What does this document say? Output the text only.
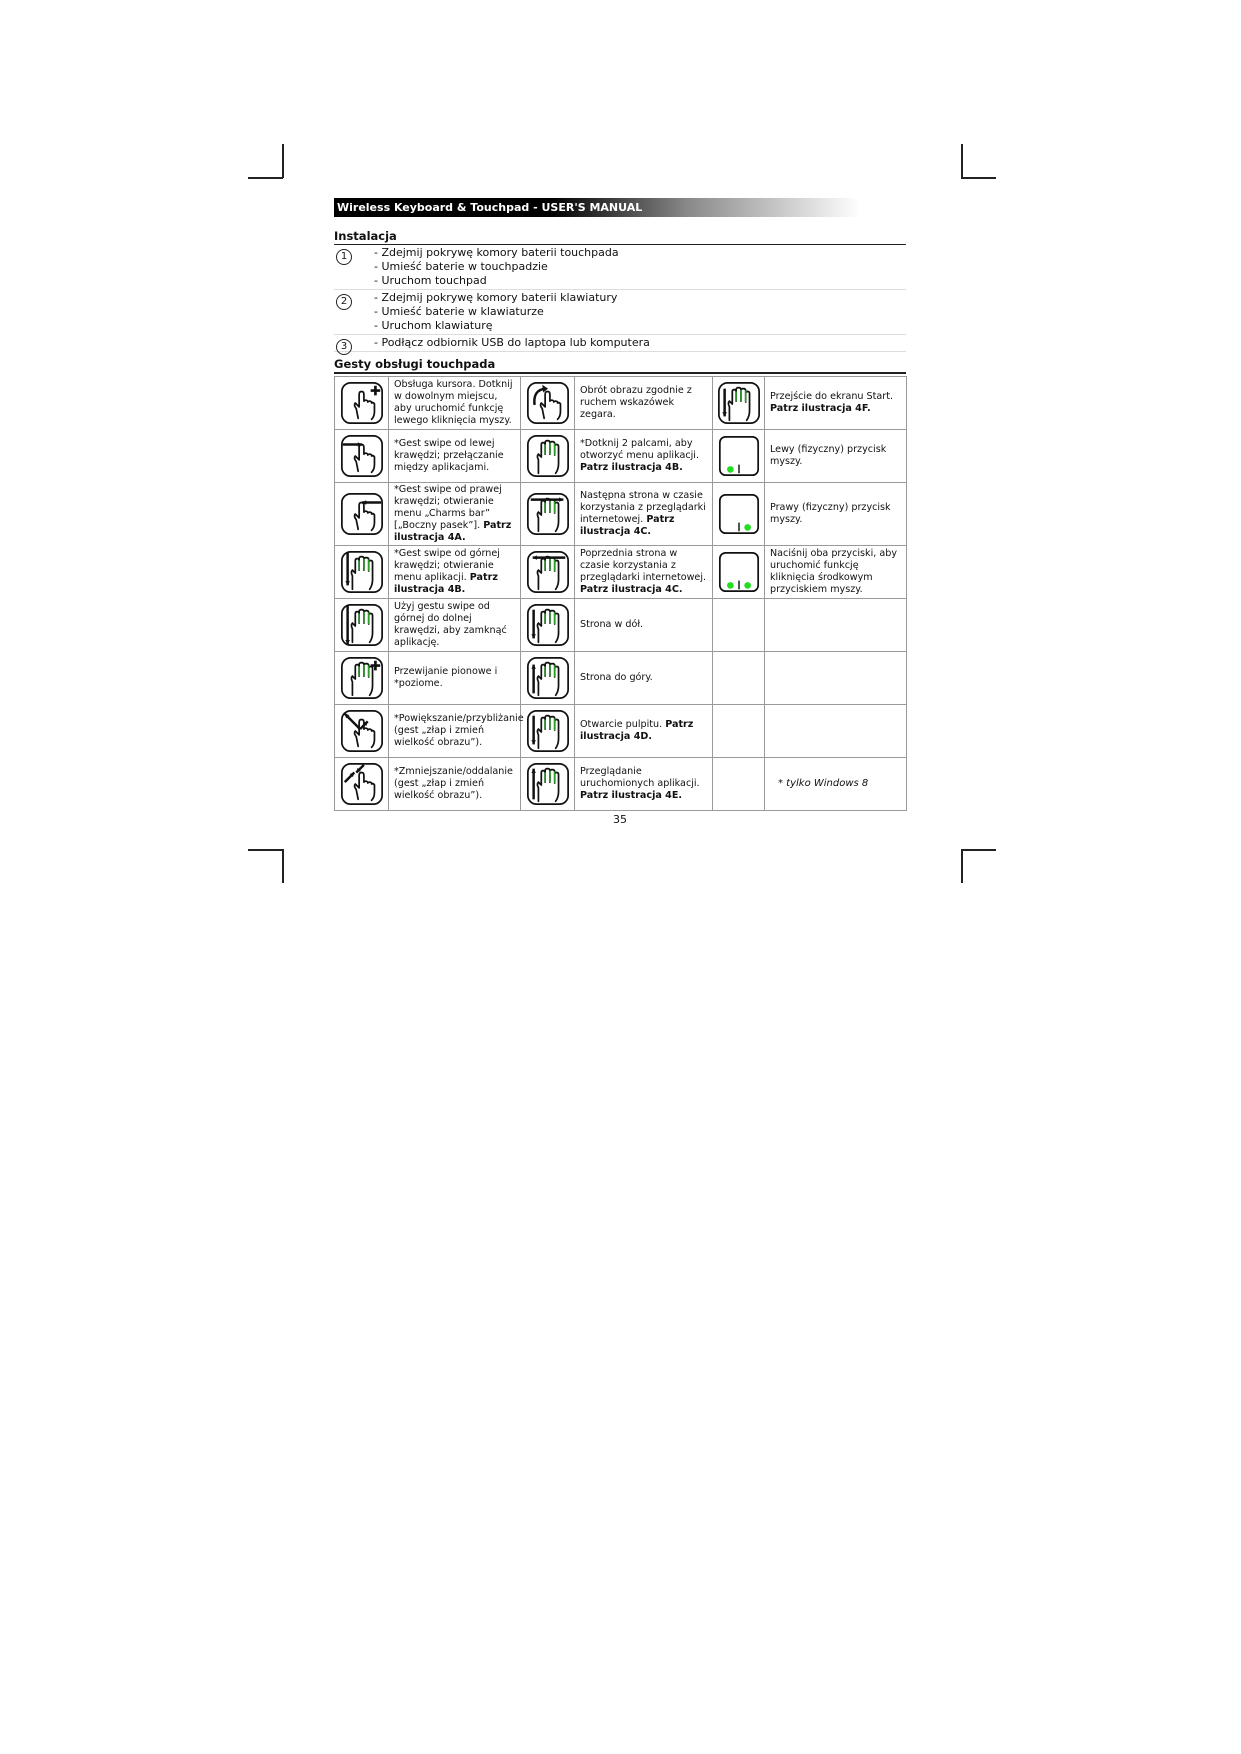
Wireless Keyboard & Touchpad - USER'S MANUAL
Instalacja
1	- Zdejmij pokrywę komory baterii touchpada
- Umieść baterie w touchpadzie
- Uruchom touchpad
2	- Zdejmij pokrywę komory baterii klawiatury
- Umieść baterie w klawiaturze
- Uruchom klawiaturę
3	- Podłącz odbiornik USB do laptopa lub komputera
Gesty obsługi touchpada
	Obsługa kursora. Dotknij w dowolnym miejscu, aby uruchomić funkcję lewego kliknięcia myszy.		Obrót obrazu zgodnie z ruchem wskazówek zegara.		Przejście do ekranu Start. Patrz ilustracja 4F.

	*Gest swipe od lewej krawędzi; przełączanie między aplikacjami.		*Dotknij 2 palcami, aby otworzyć menu aplikacji. Patrz ilustracja 4B.		Lewy (fizyczny) przycisk myszy.

	*Gest swipe od prawej krawędzi; otwieranie menu „Charms bar” [„Boczny pasek”]. Patrz ilustracja 4A.		Następna strona w czasie korzystania z przeglądarki internetowej. Patrz ilustracja 4C.		Prawy (fizyczny) przycisk myszy.

	*Gest swipe od górnej krawędzi; otwieranie menu aplikacji. Patrz ilustracja 4B.		Poprzednia strona w czasie korzystania z przeglądarki internetowej. Patrz ilustracja 4C.		Naciśnij oba przyciski, aby uruchomić funkcję kliknięcia środkowym przyciskiem myszy.

	Użyj gestu swipe od górnej do dolnej krawędzi, aby zamknąć aplikację.		Strona w dół.		

	Przewijanie pionowe i *poziome.		Strona do góry.		

	*Powiększanie/przybliżanie (gest „złap i zmień wielkość obrazu”).		Otwarcie pulpitu. Patrz ilustracja 4D.		

	*Zmniejszanie/oddalanie (gest „złap i zmień wielkość obrazu”).		Przeglądanie uruchomionych aplikacji. Patrz ilustracja 4E.		* tylko Windows 8
35
